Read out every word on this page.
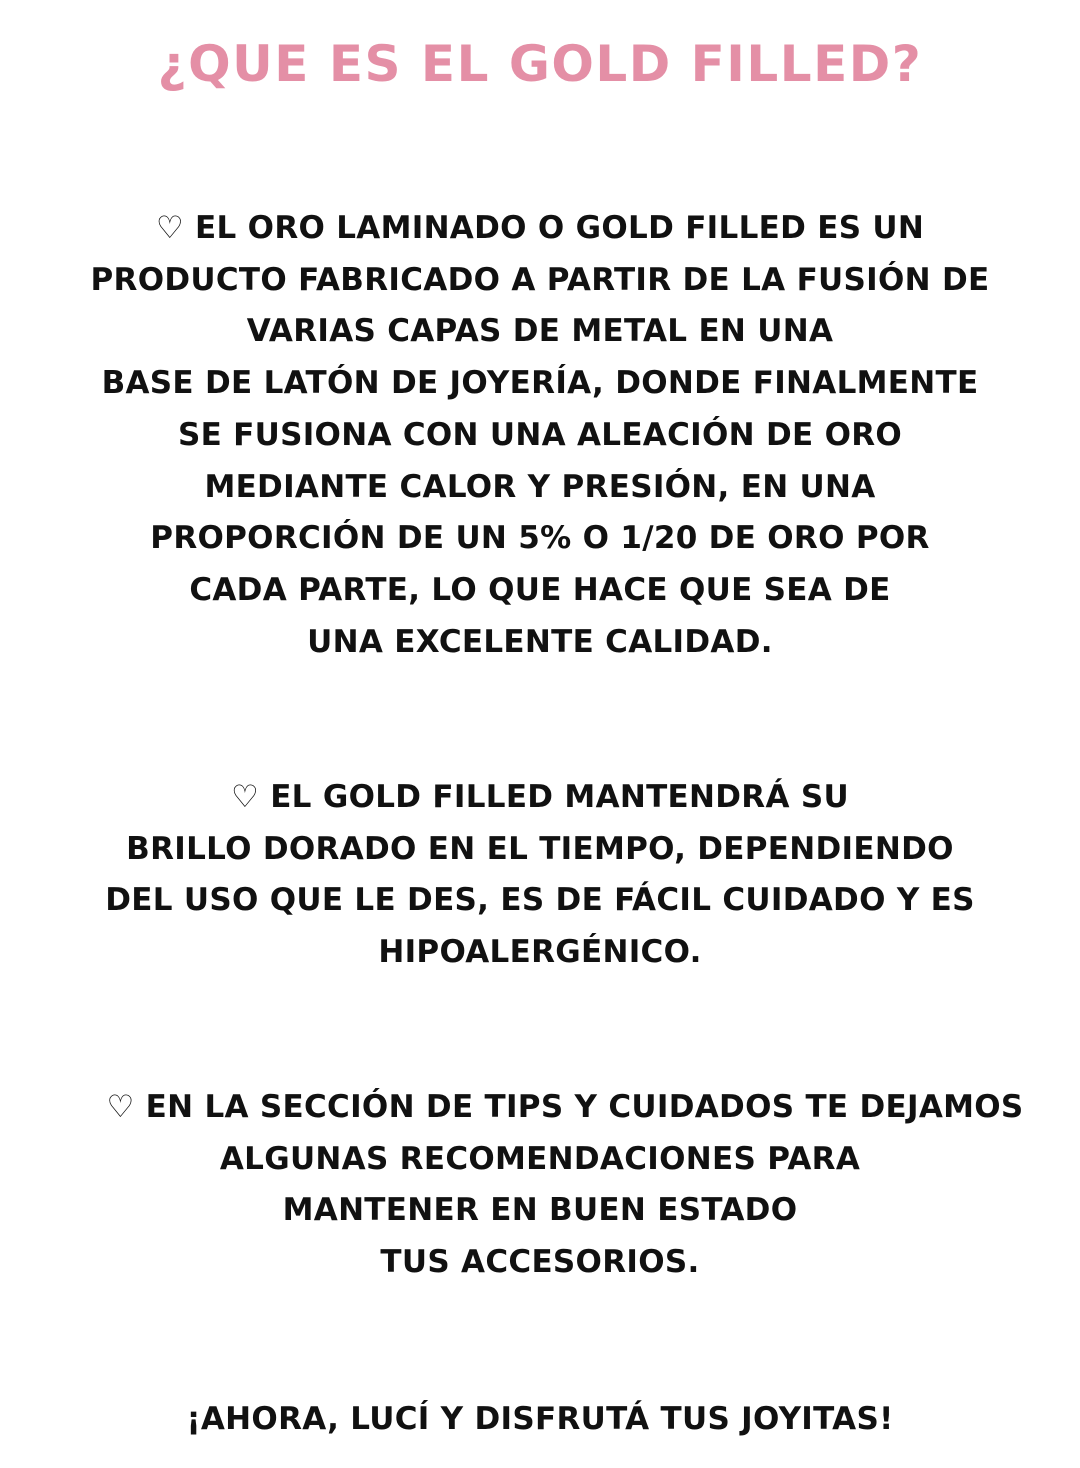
¿QUE ES EL GOLD FILLED?
♡ EL ORO LAMINADO O GOLD FILLED ES UN
PRODUCTO FABRICADO A PARTIR DE LA FUSIÓN DE
VARIAS CAPAS DE METAL EN UNA
BASE DE LATÓN DE JOYERÍA, DONDE FINALMENTE
SE FUSIONA CON UNA ALEACIÓN DE ORO
MEDIANTE CALOR Y PRESIÓN, EN UNA
PROPORCIÓN DE UN 5% O 1/20 DE ORO POR
CADA PARTE, LO QUE HACE QUE SEA DE
UNA EXCELENTE CALIDAD.
♡ EL GOLD FILLED MANTENDRÁ SU
BRILLO DORADO EN EL TIEMPO, DEPENDIENDO
DEL USO QUE LE DES, ES DE FÁCIL CUIDADO Y ES
HIPOALERGÉNICO.
♡ EN LA SECCIÓN DE TIPS Y CUIDADOS TE DEJAMOS
ALGUNAS RECOMENDACIONES PARA
MANTENER EN BUEN ESTADO
TUS ACCESORIOS.
¡AHORA, LUCÍ Y DISFRUTÁ TUS JOYITAS!
